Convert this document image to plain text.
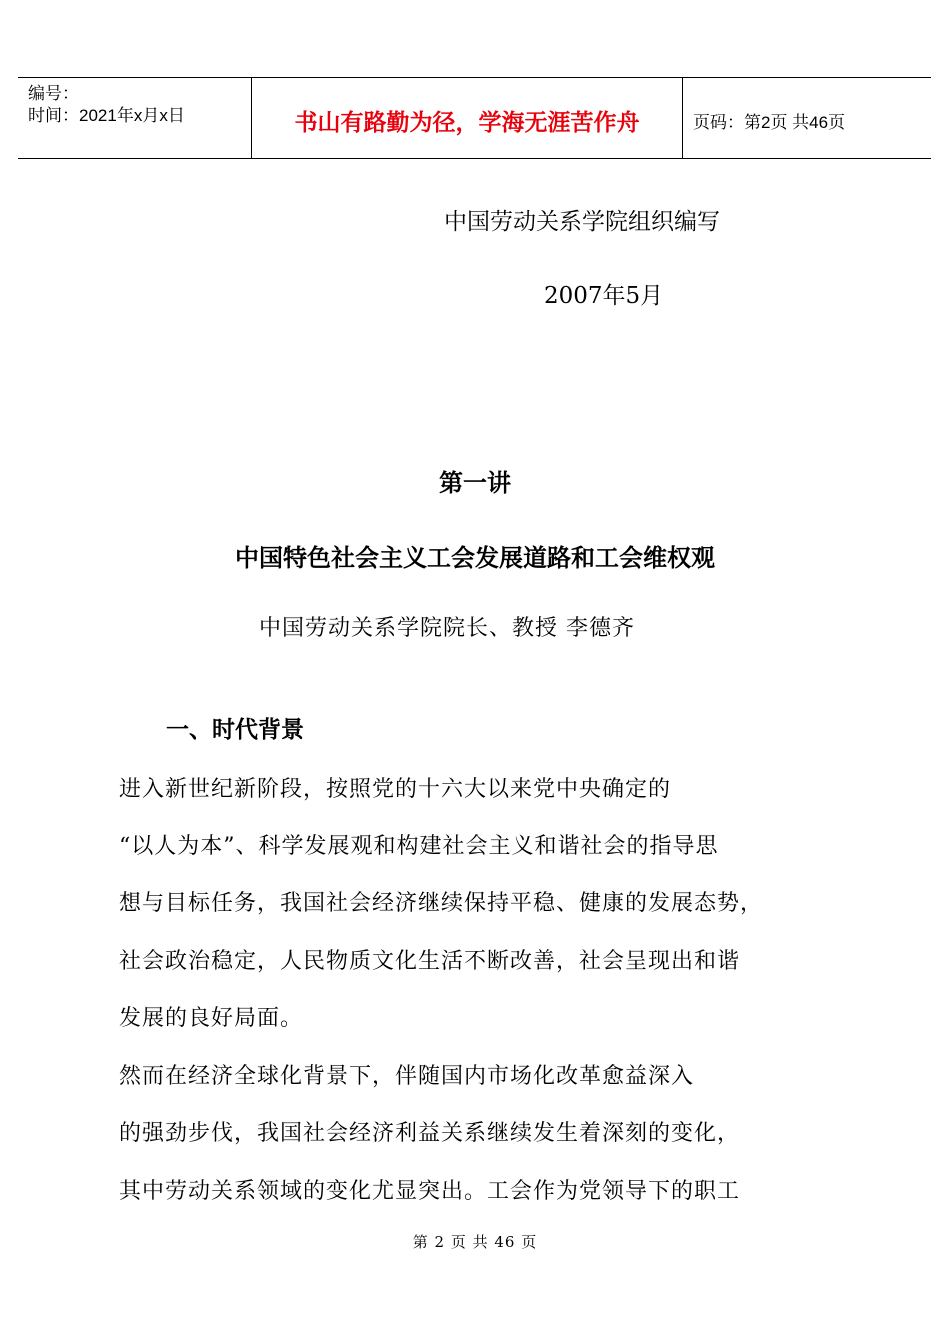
编号：
时间：2021年x月x日	书山有路勤为径，学海无涯苦作舟	页码：第2页 共46页
中国劳动关系学院组织编写
2007年5月
第一讲
中国特色社会主义工会发展道路和工会维权观
中国劳动关系学院院长、教授 李德齐
一、时代背景
进入新世纪新阶段，按照党的十六大以来党中央确定的
“以人为本”、科学发展观和构建社会主义和谐社会的指导思
想与目标任务，我国社会经济继续保持平稳、健康的发展态势，
社会政治稳定，人民物质文化生活不断改善，社会呈现出和谐
发展的良好局面。
然而在经济全球化背景下，伴随国内市场化改革愈益深入
的强劲步伐，我国社会经济利益关系继续发生着深刻的变化，
其中劳动关系领域的变化尤显突出。工会作为党领导下的职工
第 2 页 共 46 页
